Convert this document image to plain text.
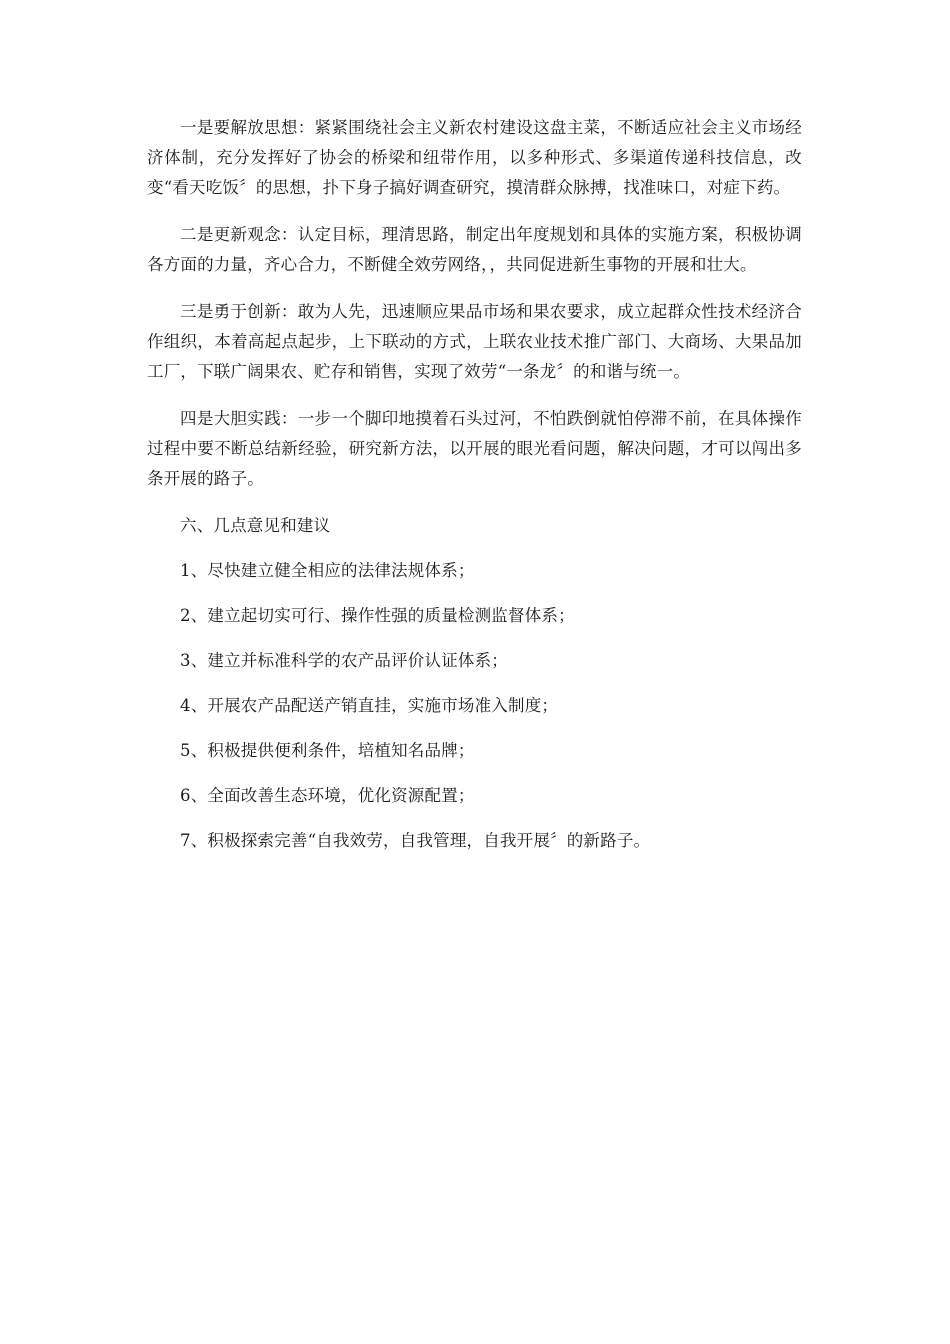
一是要解放思想：紧紧围绕社会主义新农村建设这盘主菜，不断适应社会主义市场经济体制，充分发挥好了协会的桥梁和纽带作用，以多种形式、多渠道传递科技信息，改变“看天吃饭〞的思想，扑下身子搞好调查研究，摸清群众脉搏，找准味口，对症下药。

二是更新观念：认定目标，理清思路，制定出年度规划和具体的实施方案，积极协调各方面的力量，齐心合力，不断健全效劳网络，，共同促进新生事物的开展和壮大。

三是勇于创新：敢为人先，迅速顺应果品市场和果农要求，成立起群众性技术经济合作组织，本着高起点起步，上下联动的方式，上联农业技术推广部门、大商场、大果品加工厂，下联广阔果农、贮存和销售，实现了效劳“一条龙〞的和谐与统一。

四是大胆实践：一步一个脚印地摸着石头过河，不怕跌倒就怕停滞不前，在具体操作过程中要不断总结新经验，研究新方法，以开展的眼光看问题，解决问题，才可以闯出多条开展的路子。

六、几点意见和建议

1、尽快建立健全相应的法律法规体系；

2、建立起切实可行、操作性强的质量检测监督体系；

3、建立并标准科学的农产品评价认证体系；

4、开展农产品配送产销直挂，实施市场准入制度；

5、积极提供便利条件，培植知名品牌；

6、全面改善生态环境，优化资源配置；

7、积极探索完善“自我效劳，自我管理，自我开展〞的新路子。
